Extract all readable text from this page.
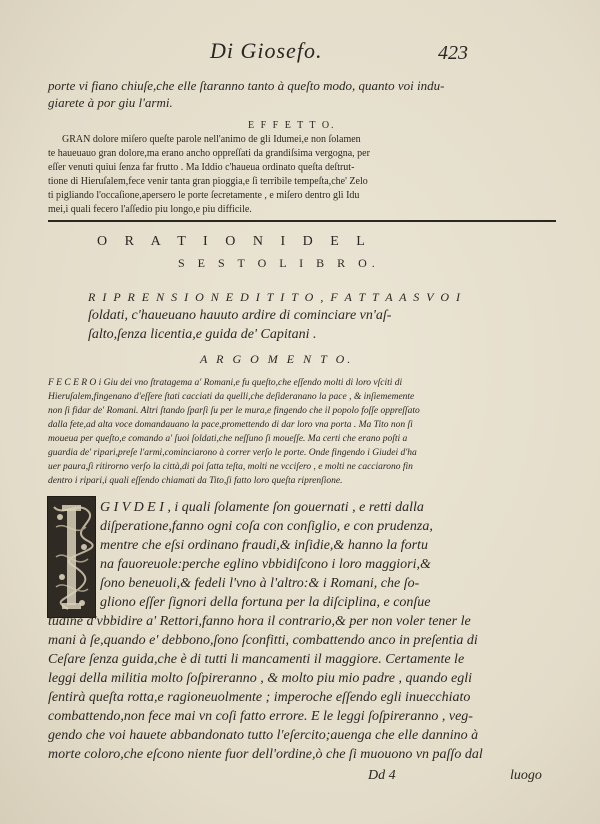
Di Giosefo.	423
porte vi fiano chiuſe,che elle ſtaranno tanto à queſto modo, quanto voi indu-
giarete à por giu l'armi.
E F F E T T O.
GRAN dolore miſero queſte parole nell'animo de gli Idumei,e non ſolamen
te haueuauo gran dolore,ma erano ancho oppreſſati da grandiſsima vergogna, per
eſſer venuti quiui ſenza far frutto . Ma Iddio c'haueua ordinato queſta deſtrut-
tione di Hieruſalem,fece venir tanta gran pioggia,e ſi terribile tempeſta,che' Zelo
ti pigliando l'occaſione,apersero le porte ſecretamente , e miſero dentro gli Idu
mei,i quali fecero l'aſſedio piu longo,e piu difficile.
O R A T I O N I D E L
S E S T O L I B R O.
R I P R E N S I O N E D I T I T O , F A T T A A S V O I
ſoldati, c'haueuano hauuto ardire di cominciare vn'aſ-
ſalto,ſenza licentia,e guida de' Capitani .
A R G O M E N T O.
F E C E R O i Giu dei vno ſtratagema a' Romani,e fu queſto,che eſſendo molti di loro vſciti di
Hieruſalem,fingenano d'eſſere ſtati cacciati da quelli,che deſideranano la pace , & inſiememente
non ſi fidar de' Romani. Altri ſtando ſparſi ſu per le mura,e fingendo che il popolo foſſe oppreſſato
dalla fete,ad alta voce domandauano la pace,promettendo di dar loro vna porta . Ma Tito non ſi
moueua per queſto,e comando a' ſuoi ſoldati,che neſſuno ſi moueſſe. Ma certi che erano poſti a
guardia de' ripari,preſe l'armi,cominciarono à correr verſo le porte. Onde fingendo i Giudei d'ha
uer paura,ſi ritirorno verſo la città,di poi ſatta teſta, molti ne vcciſero , e molti ne cacciarono fin
dentro i ripari,i quali eſſendo chiamati da Tito,ſi fatto loro queſta riprenſione.
G I V D E I , i quali ſolamente ſon gouernati , e retti dalla
diſperatione,fanno ogni coſa con conſiglio, e con prudenza,
mentre che eſsi ordinano fraudi,& inſidie,& hanno la fortu
na fauoreuole:perche eglino vbbidiſcono i loro maggiori,&
ſono beneuoli,& fedeli l'vno à l'altro:& i Romani, che ſo-
gliono eſſer ſignori della fortuna per la diſciplina, e conſue
tudine d'vbbidire a' Rettori,fanno hora il contrario,& per non voler tener le
mani à ſe,quando e' debbono,ſono ſconfitti, combattendo anco in preſentia di
Ceſare ſenza guida,che è di tutti li mancamenti il maggiore. Certamente le
leggi della militia molto ſoſpireranno , & molto piu mio padre , quando egli
ſentirà queſta rotta,e ragioneuolmente ; imperoche eſſendo egli inuecchiato
combattendo,non fece mai vn coſi fatto errore. E le leggi ſoſpireranno , veg-
gendo che voi hauete abbandonato tutto l'eſercito;auenga che elle dannino à
morte coloro,che eſcono niente fuor dell'ordine,ò che ſi muouono vn paſſo dal
Dd 4	luogo
